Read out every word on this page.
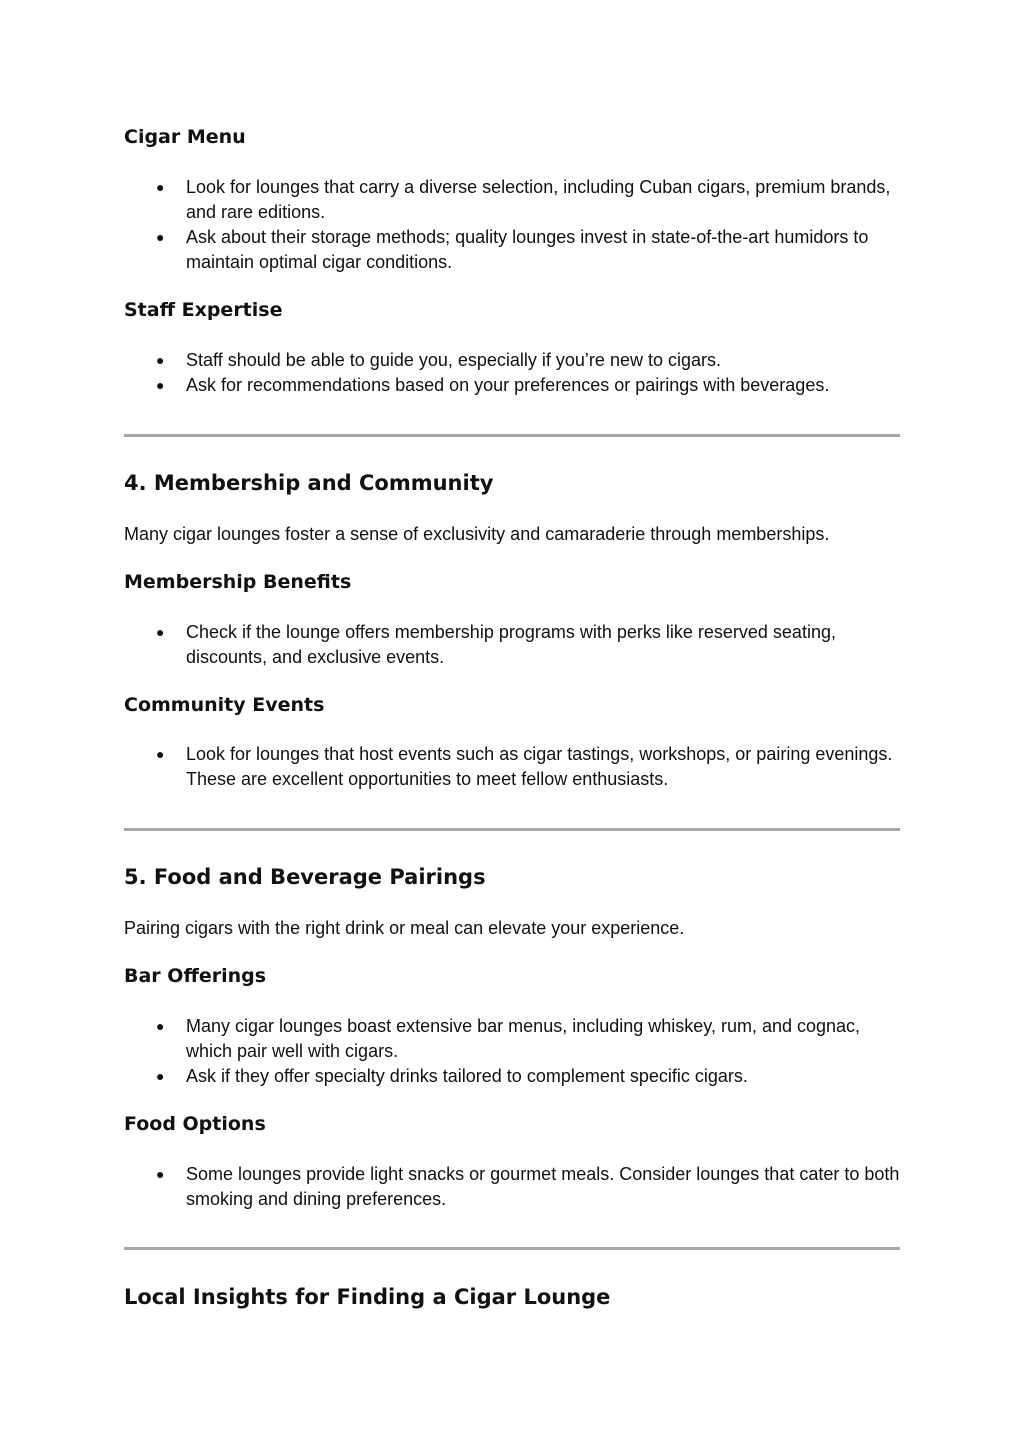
Cigar Menu
● Look for lounges that carry a diverse selection, including Cuban cigars, premium brands, and rare editions.
● Ask about their storage methods; quality lounges invest in state-of-the-art humidors to maintain optimal cigar conditions.
Staff Expertise
● Staff should be able to guide you, especially if you’re new to cigars.
● Ask for recommendations based on your preferences or pairings with beverages.
4. Membership and Community

Many cigar lounges foster a sense of exclusivity and camaraderie through memberships.

Membership Benefits
● Check if the lounge offers membership programs with perks like reserved seating, discounts, and exclusive events.
Community Events
● Look for lounges that host events such as cigar tastings, workshops, or pairing evenings. These are excellent opportunities to meet fellow enthusiasts.
5. Food and Beverage Pairings

Pairing cigars with the right drink or meal can elevate your experience.

Bar Offerings
● Many cigar lounges boast extensive bar menus, including whiskey, rum, and cognac, which pair well with cigars.
● Ask if they offer specialty drinks tailored to complement specific cigars.
Food Options
● Some lounges provide light snacks or gourmet meals. Consider lounges that cater to both smoking and dining preferences.
Local Insights for Finding a Cigar Lounge
